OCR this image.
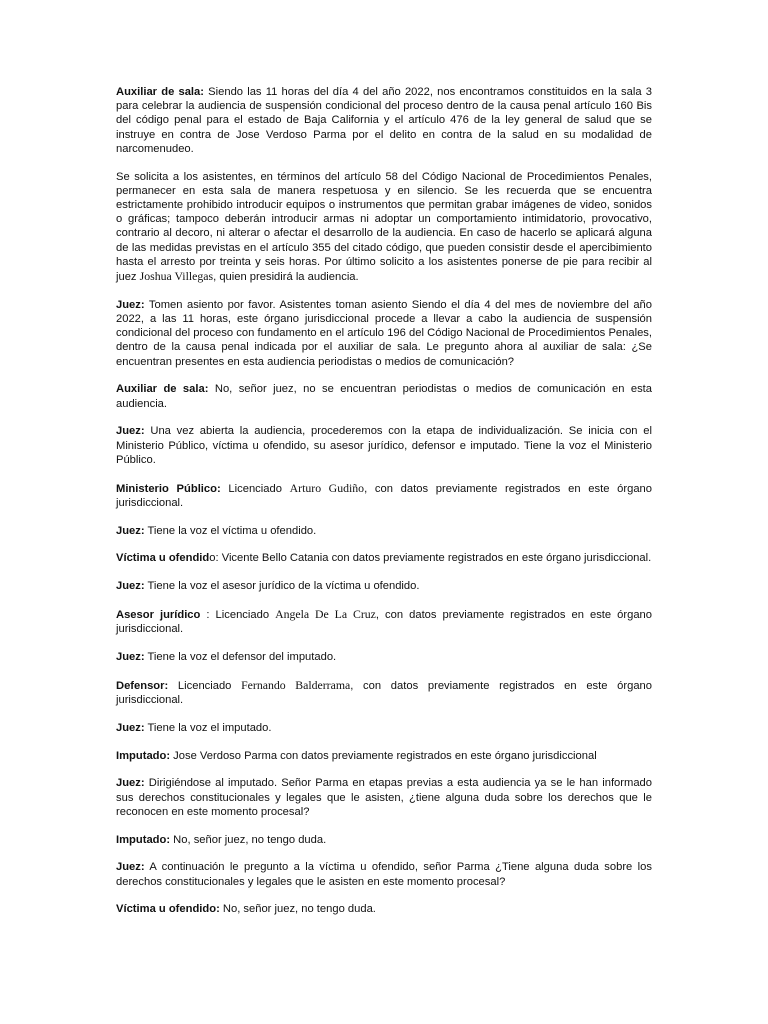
Auxiliar de sala: Siendo las 11 horas del día 4 del año 2022, nos encontramos constituidos en la sala 3 para celebrar la audiencia de suspensión condicional del proceso dentro de la causa penal artículo 160 Bis del código penal para el estado de Baja California y el artículo 476 de la ley general de salud que se instruye en contra de Jose Verdoso Parma por el delito en contra de la salud en su modalidad de narcomenudeo.

Se solicita a los asistentes, en términos del artículo 58 del Código Nacional de Procedimientos Penales, permanecer en esta sala de manera respetuosa y en silencio. Se les recuerda que se encuentra estrictamente prohibido introducir equipos o instrumentos que permitan grabar imágenes de video, sonidos o gráficas; tampoco deberán introducir armas ni adoptar un comportamiento intimidatorio, provocativo, contrario al decoro, ni alterar o afectar el desarrollo de la audiencia. En caso de hacerlo se aplicará alguna de las medidas previstas en el artículo 355 del citado código, que pueden consistir desde el apercibimiento hasta el arresto por treinta y seis horas. Por último solicito a los asistentes ponerse de pie para recibir al juez Joshua Villegas, quien presidirá la audiencia.

Juez: Tomen asiento por favor. Asistentes toman asiento Siendo el día 4 del mes de noviembre del año 2022, a las 11 horas, este órgano jurisdiccional procede a llevar a cabo la audiencia de suspensión condicional del proceso con fundamento en el artículo 196 del Código Nacional de Procedimientos Penales, dentro de la causa penal indicada por el auxiliar de sala. Le pregunto ahora al auxiliar de sala: ¿Se encuentran presentes en esta audiencia periodistas o medios de comunicación?

Auxiliar de sala: No, señor juez, no se encuentran periodistas o medios de comunicación en esta audiencia.

Juez: Una vez abierta la audiencia, procederemos con la etapa de individualización. Se inicia con el Ministerio Público, víctima u ofendido, su asesor jurídico, defensor e imputado. Tiene la voz el Ministerio Público.

Ministerio Público: Licenciado Arturo Gudiño, con datos previamente registrados en este órgano jurisdiccional.

Juez: Tiene la voz el víctima u ofendido.

Víctima u ofendido: Vicente Bello Catania con datos previamente registrados en este órgano jurisdiccional.

Juez: Tiene la voz el asesor jurídico de la víctima u ofendido.

Asesor jurídico : Licenciado Angela De La Cruz, con datos previamente registrados en este órgano jurisdiccional.

Juez: Tiene la voz el defensor del imputado.

Defensor: Licenciado Fernando Balderrama, con datos previamente registrados en este órgano jurisdiccional.

Juez: Tiene la voz el imputado.

Imputado: Jose Verdoso Parma con datos previamente registrados en este órgano jurisdiccional

Juez: Dirigiéndose al imputado. Señor Parma en etapas previas a esta audiencia ya se le han informado sus derechos constitucionales y legales que le asisten, ¿tiene alguna duda sobre los derechos que le reconocen en este momento procesal?

Imputado: No, señor juez, no tengo duda.

Juez: A continuación le pregunto a la víctima u ofendido, señor Parma ¿Tiene alguna duda sobre los derechos constitucionales y legales que le asisten en este momento procesal?

Víctima u ofendido: No, señor juez, no tengo duda.
